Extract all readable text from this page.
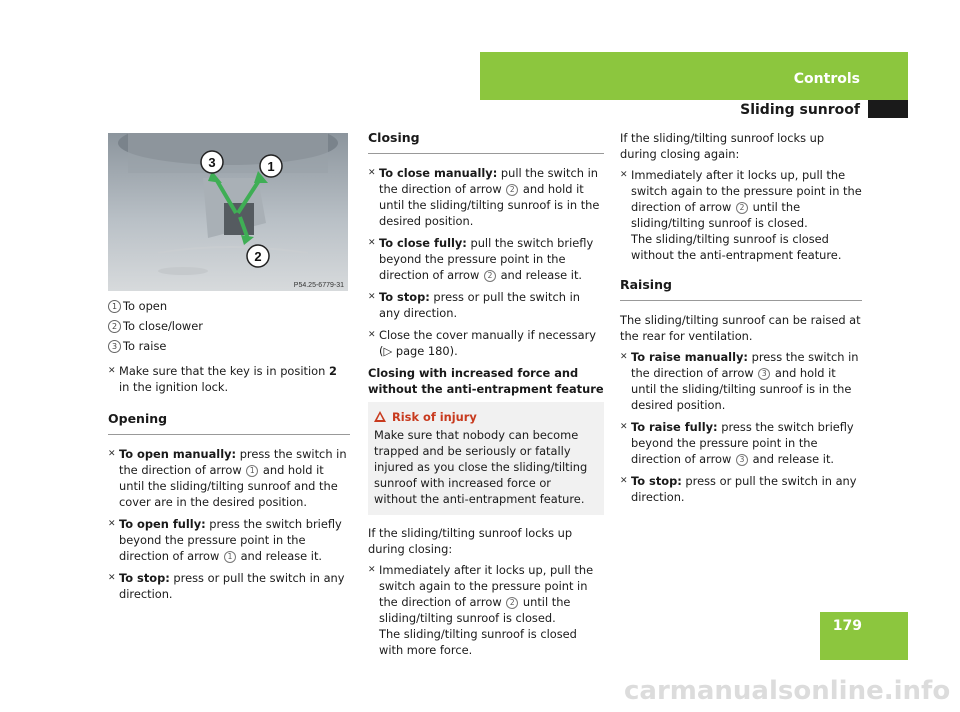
Controls
Sliding sunroof
3	1
2
P54.25-6779-31
1 To open
2 To close/lower
3 To raise
✕ Make sure that the key is in position 2 in the ignition lock.
Opening
✕ To open manually: press the switch in the direction of arrow 1 and hold it until the sliding/tilting sunroof and the cover are in the desired position.
✕ To open fully: press the switch briefly beyond the pressure point in the direction of arrow 1 and release it.
✕ To stop: press or pull the switch in any direction.
Closing
✕ To close manually: pull the switch in the direction of arrow 2 and hold it until the sliding/tilting sunroof is in the desired position.
✕ To close fully: pull the switch briefly beyond the pressure point in the direction of arrow 2 and release it.
✕ To stop: press or pull the switch in any direction.
✕ Close the cover manually if necessary (▷ page 180).

Closing with increased force and without the anti-entrapment feature

Risk of injury
Make sure that nobody can become trapped and be seriously or fatally injured as you close the sliding/tilting sunroof with increased force or without the anti-entrapment feature.

If the sliding/tilting sunroof locks up during closing:

✕ Immediately after it locks up, pull the switch again to the pressure point in the direction of arrow 2 until the sliding/tilting sunroof is closed.
The sliding/tilting sunroof is closed with more force.

If the sliding/tilting sunroof locks up during closing again:

✕ Immediately after it locks up, pull the switch again to the pressure point in the direction of arrow 2 until the sliding/tilting sunroof is closed.
The sliding/tilting sunroof is closed without the anti-entrapment feature.
Raising

The sliding/tilting sunroof can be raised at the rear for ventilation.

✕ To raise manually: press the switch in the direction of arrow 3 and hold it until the sliding/tilting sunroof is in the desired position.
✕ To raise fully: press the switch briefly beyond the pressure point in the direction of arrow 3 and release it.
✕ To stop: press or pull the switch in any direction.
179
carmanualsonline.info
